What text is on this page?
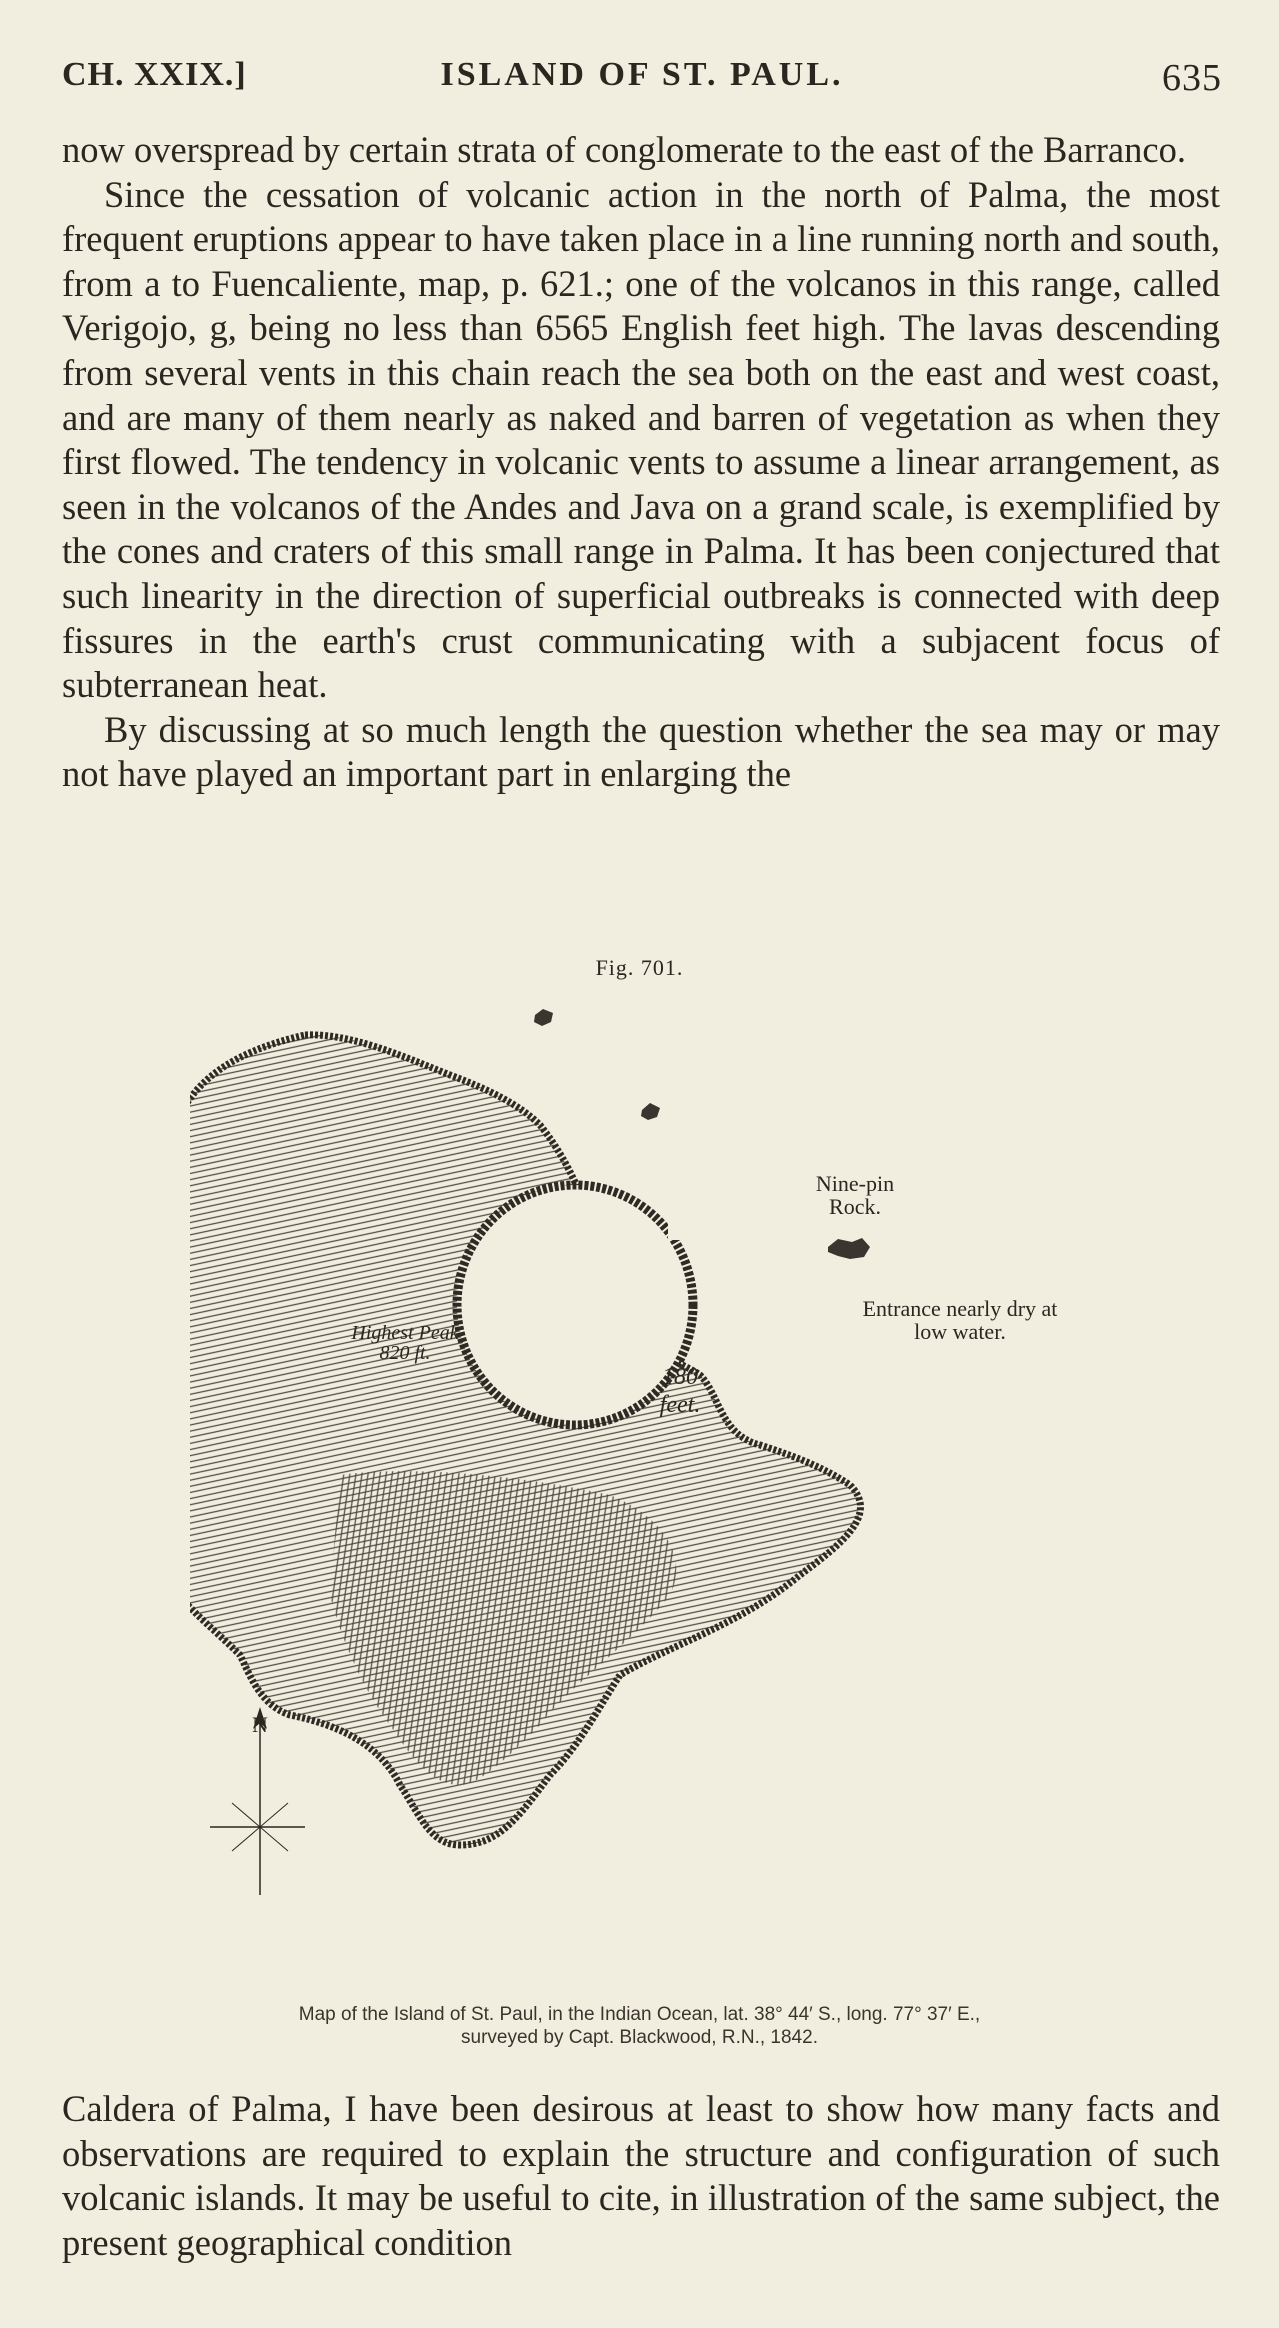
CH. XXIX.]	ISLAND OF ST. PAUL.	635

now overspread by certain strata of conglomerate to the east of the Barranco.

Since the cessation of volcanic action in the north of Palma, the most frequent eruptions appear to have taken place in a line running north and south, from a to Fuencaliente, map, p. 621.; one of the volcanos in this range, called Verigojo, g, being no less than 6565 English feet high. The lavas descending from several vents in this chain reach the sea both on the east and west coast, and are many of them nearly as naked and barren of vegetation as when they first flowed. The tendency in volcanic vents to assume a linear arrangement, as seen in the volcanos of the Andes and Java on a grand scale, is exemplified by the cones and craters of this small range in Palma. It has been conjectured that such linearity in the direction of superficial outbreaks is connected with deep fissures in the earth's crust communicating with a subjacent focus of subterranean heat.

By discussing at so much length the question whether the sea may or may not have played an important part in enlarging the

Fig. 701.
Nine-pin
Rock.
Entrance nearly dry at
low water.
180
feet.
Highest Peak
820 ft.
N
Map of the Island of St. Paul, in the Indian Ocean, lat. 38° 44′ S., long. 77° 37′ E.,
surveyed by Capt. Blackwood, R.N., 1842.

Caldera of Palma, I have been desirous at least to show how many facts and observations are required to explain the structure and configuration of such volcanic islands. It may be useful to cite, in illustration of the same subject, the present geographical condition
